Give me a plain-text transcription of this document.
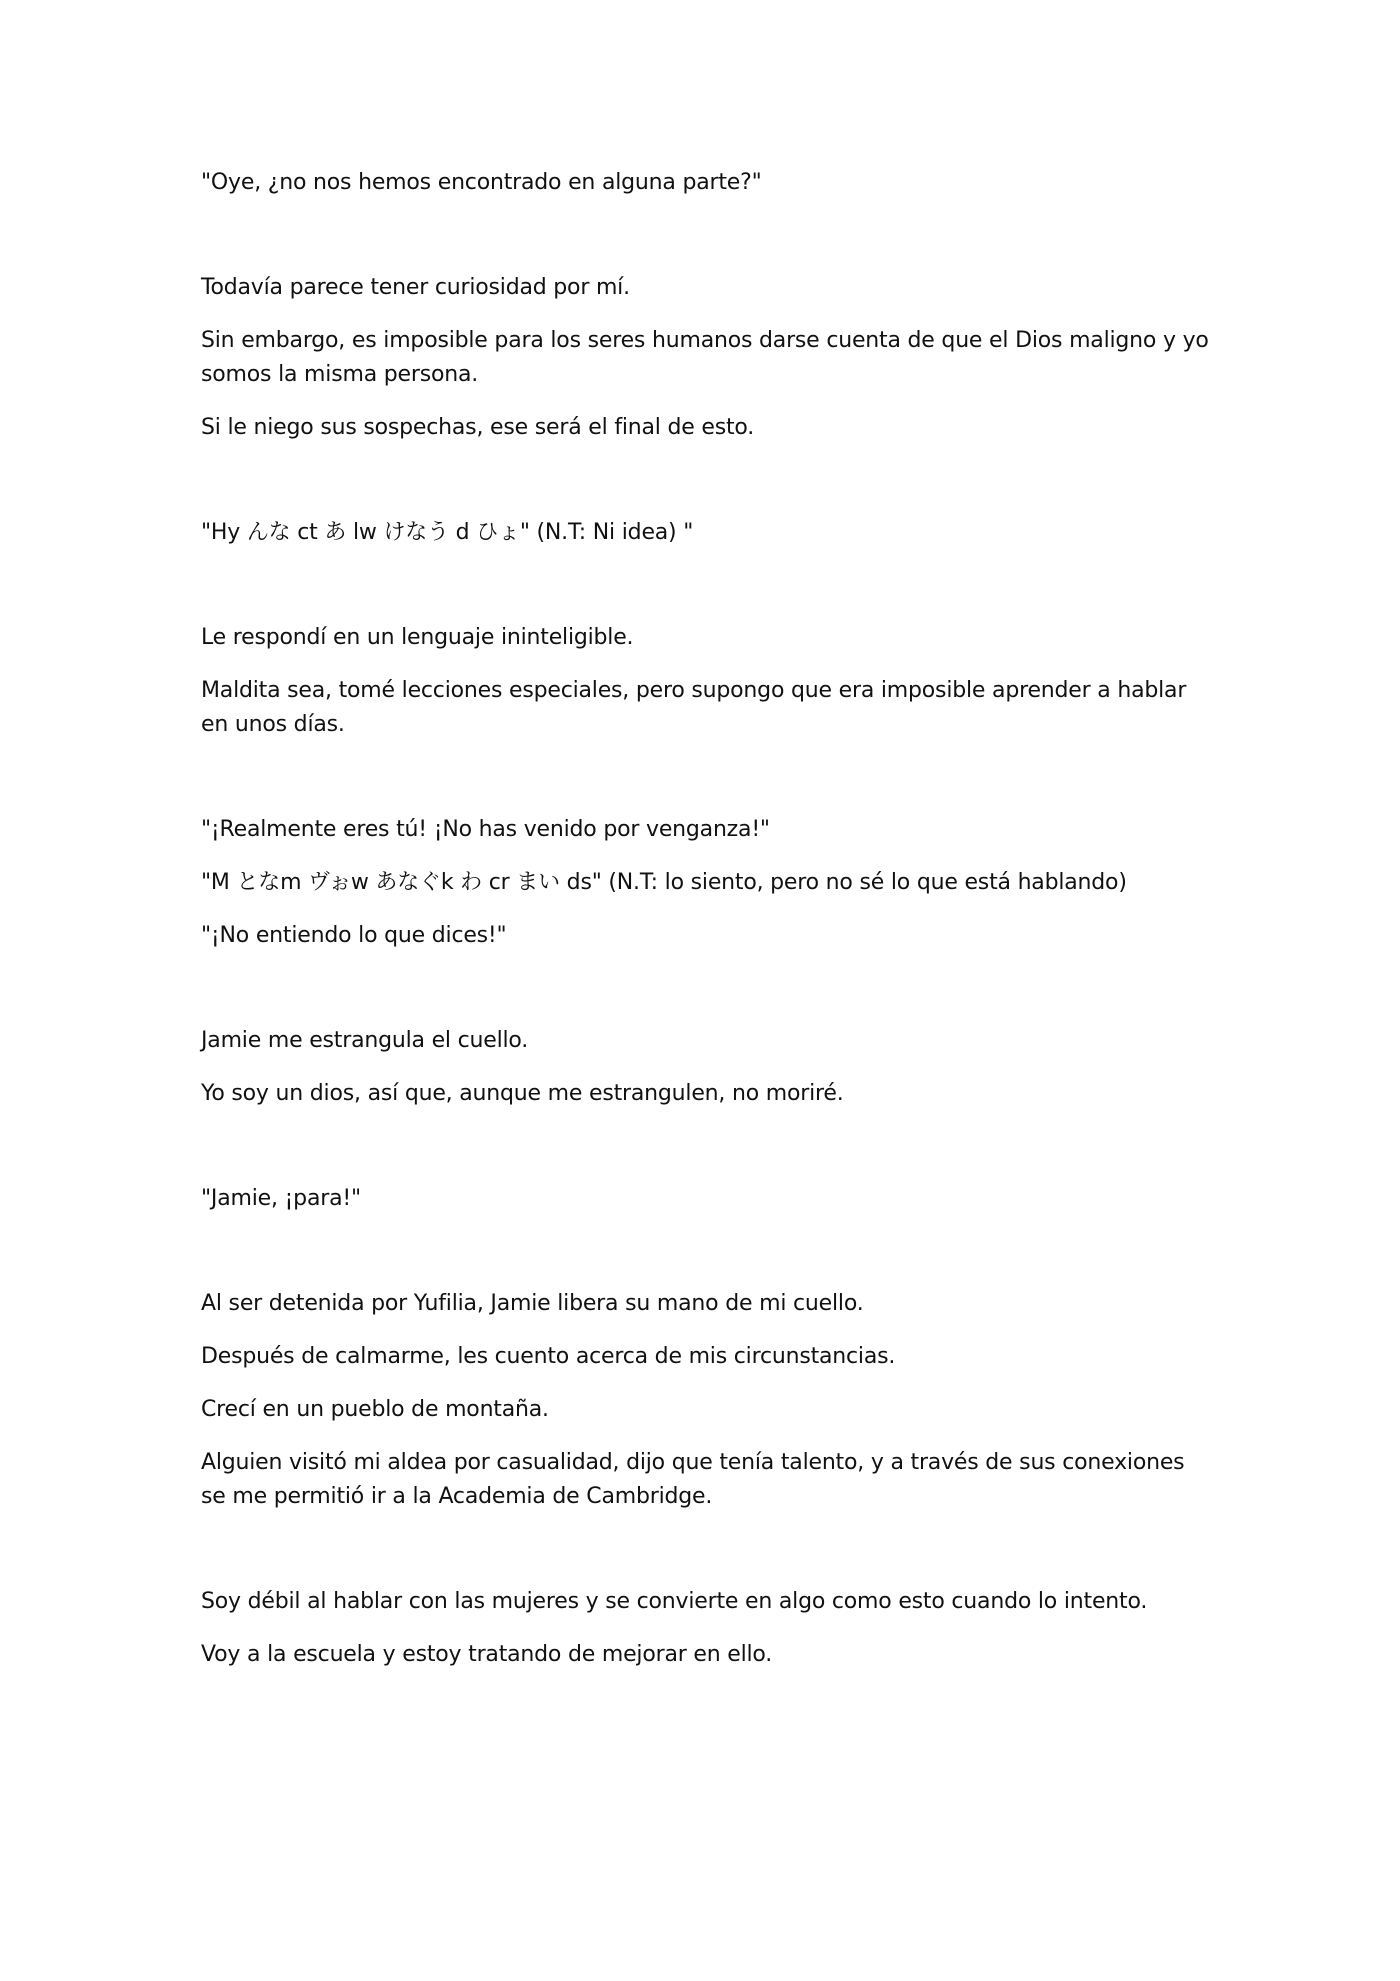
"Oye, ¿no nos hemos encontrado en alguna parte?"

Todavía parece tener curiosidad por mí.

Sin embargo, es imposible para los seres humanos darse cuenta de que el Dios maligno y yo somos la misma persona.

Si le niego sus sospechas, ese será el final de esto.

"Hy んな ct あ lw けなう d ひょ" (N.T: Ni idea) "

Le respondí en un lenguaje ininteligible.

Maldita sea, tomé lecciones especiales, pero supongo que era imposible aprender a hablar en unos días.

"¡Realmente eres tú! ¡No has venido por venganza!"

"M となm ヴぉw あなぐk わ cr まい ds" (N.T: lo siento, pero no sé lo que está hablando)

"¡No entiendo lo que dices!"

Jamie me estrangula el cuello.

Yo soy un dios, así que, aunque me estrangulen, no moriré.

"Jamie, ¡para!"

Al ser detenida por Yufilia, Jamie libera su mano de mi cuello.

Después de calmarme, les cuento acerca de mis circunstancias.

Crecí en un pueblo de montaña.

Alguien visitó mi aldea por casualidad, dijo que tenía talento, y a través de sus conexiones se me permitió ir a la Academia de Cambridge.

Soy débil al hablar con las mujeres y se convierte en algo como esto cuando lo intento.

Voy a la escuela y estoy tratando de mejorar en ello.
